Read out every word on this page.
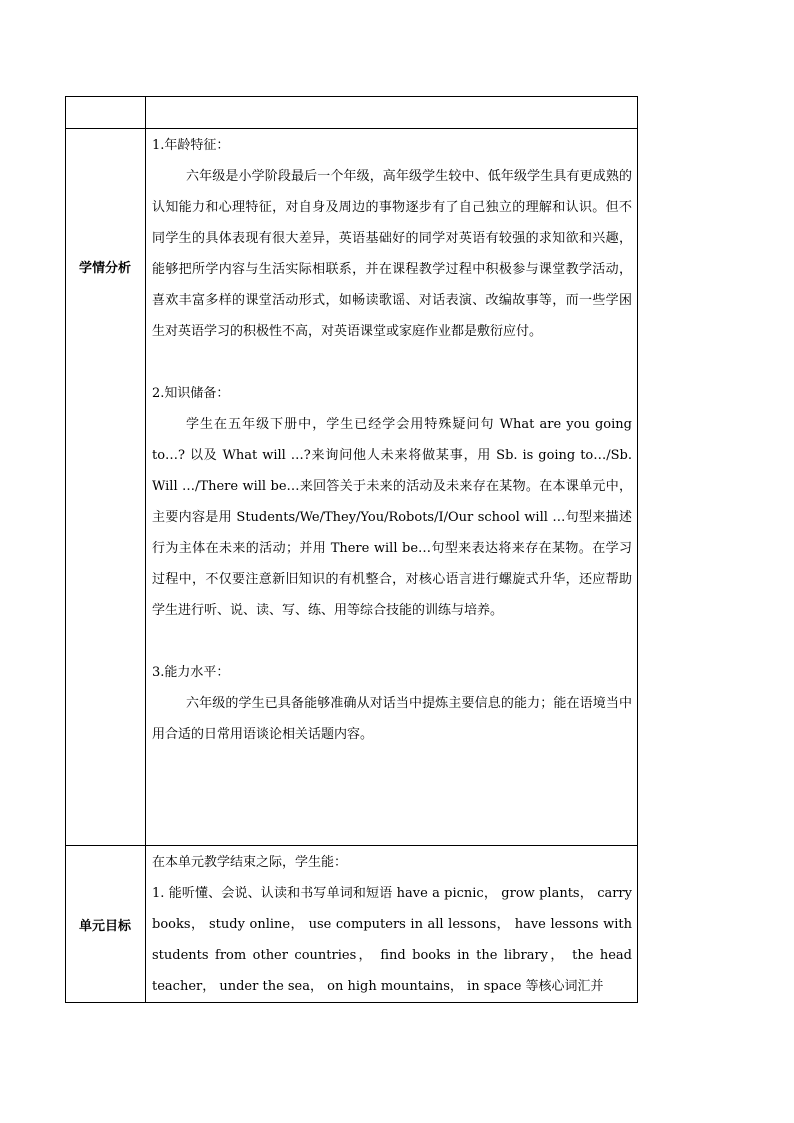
学情分析

1.年龄特征：

六年级是小学阶段最后一个年级，高年级学生较中、低年级学生具有更成熟的认知能力和心理特征，对自身及周边的事物逐步有了自己独立的理解和认识。但不同学生的具体表现有很大差异，英语基础好的同学对英语有较强的求知欲和兴趣，能够把所学内容与生活实际相联系，并在课程教学过程中积极参与课堂教学活动，喜欢丰富多样的课堂活动形式，如畅读歌谣、对话表演、改编故事等，而一些学困生对英语学习的积极性不高，对英语课堂或家庭作业都是敷衍应付。

2.知识储备：

学生在五年级下册中，学生已经学会用特殊疑问句 What are you going to…? 以及 What will …?来询问他人未来将做某事，用 Sb. is going to…/Sb. Will …/There will be…来回答关于未来的活动及未来存在某物。在本课单元中，主要内容是用 Students/We/They/You/Robots/I/Our school will …句型来描述行为主体在未来的活动；并用 There will be…句型来表达将来存在某物。在学习过程中，不仅要注意新旧知识的有机整合，对核心语言进行螺旋式升华，还应帮助学生进行听、说、读、写、练、用等综合技能的训练与培养。

3.能力水平：

六年级的学生已具备能够准确从对话当中提炼主要信息的能力；能在语境当中用合适的日常用语谈论相关话题内容。

单元目标

在本单元教学结束之际，学生能：

1. 能听懂、会说、认读和书写单词和短语 have a picnic， grow plants， carry books， study online， use computers in all lessons， have lessons with students from other countries， find books in the library， the head teacher， under the sea， on high mountains， in space 等核心词汇并
